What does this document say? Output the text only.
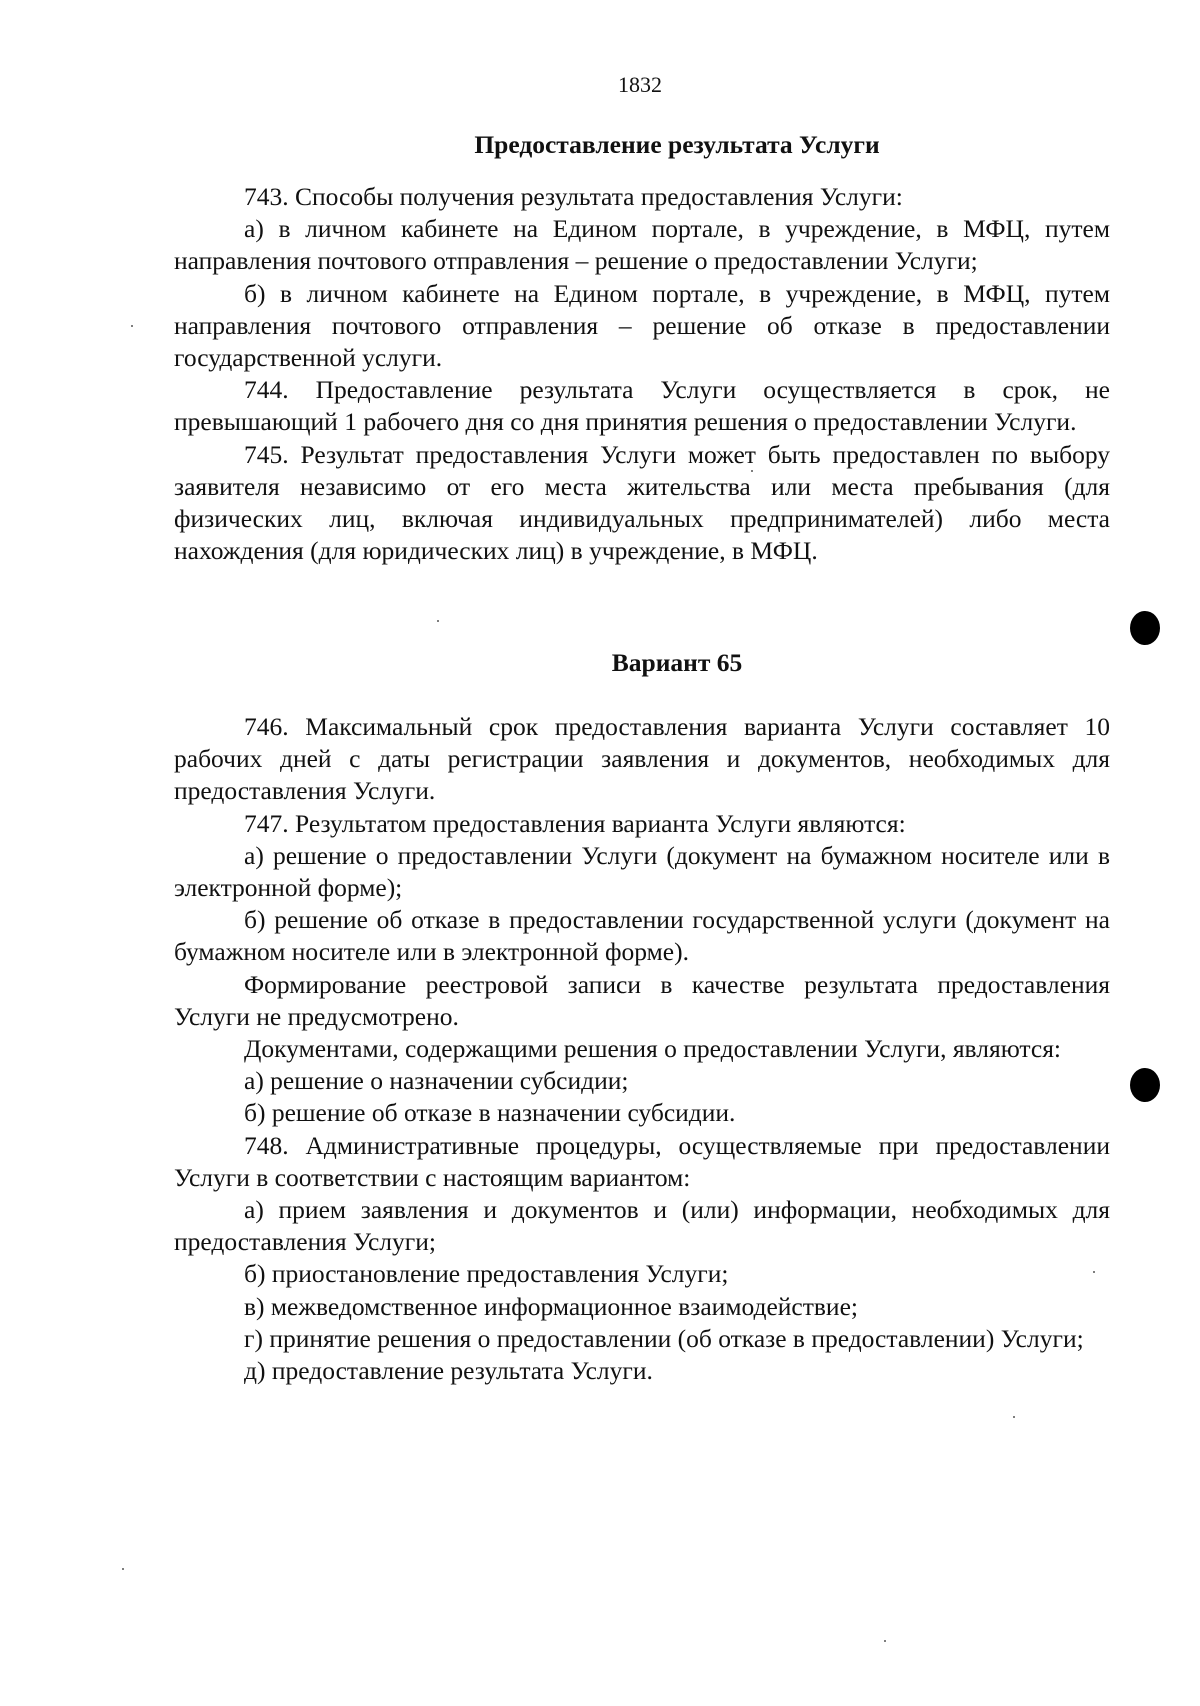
1832
Предоставление результата Услуги

743. Способы получения результата предоставления Услуги:

а) в личном кабинете на Едином портале, в учреждение, в МФЦ, путем направления почтового отправления – решение о предоставлении Услуги;

б) в личном кабинете на Едином портале, в учреждение, в МФЦ, путем направления почтового отправления – решение об отказе в предоставлении государственной услуги.

744. Предоставление результата Услуги осуществляется в срок, не превышающий 1 рабочего дня со дня принятия решения о предоставлении Услуги.

745. Результат предоставления Услуги может быть предоставлен по выбору заявителя независимо от его места жительства или места пребывания (для физических лиц, включая индивидуальных предпринимателей) либо места нахождения (для юридических лиц) в учреждение, в МФЦ.

Вариант 65

746. Максимальный срок предоставления варианта Услуги составляет 10 рабочих дней с даты регистрации заявления и документов, необходимых для предоставления Услуги.

747. Результатом предоставления варианта Услуги являются:

а) решение о предоставлении Услуги (документ на бумажном носителе или в электронной форме);

б) решение об отказе в предоставлении государственной услуги (документ на бумажном носителе или в электронной форме).

Формирование реестровой записи в качестве результата предоставления Услуги не предусмотрено.

Документами, содержащими решения о предоставлении Услуги, являются:

а) решение о назначении субсидии;

б) решение об отказе в назначении субсидии.

748. Административные процедуры, осуществляемые при предоставлении Услуги в соответствии с настоящим вариантом:

а) прием заявления и документов и (или) информации, необходимых для предоставления Услуги;

б) приостановление предоставления Услуги;

в) межведомственное информационное взаимодействие;

г) принятие решения о предоставлении (об отказе в предоставлении) Услуги;

д) предоставление результата Услуги.
